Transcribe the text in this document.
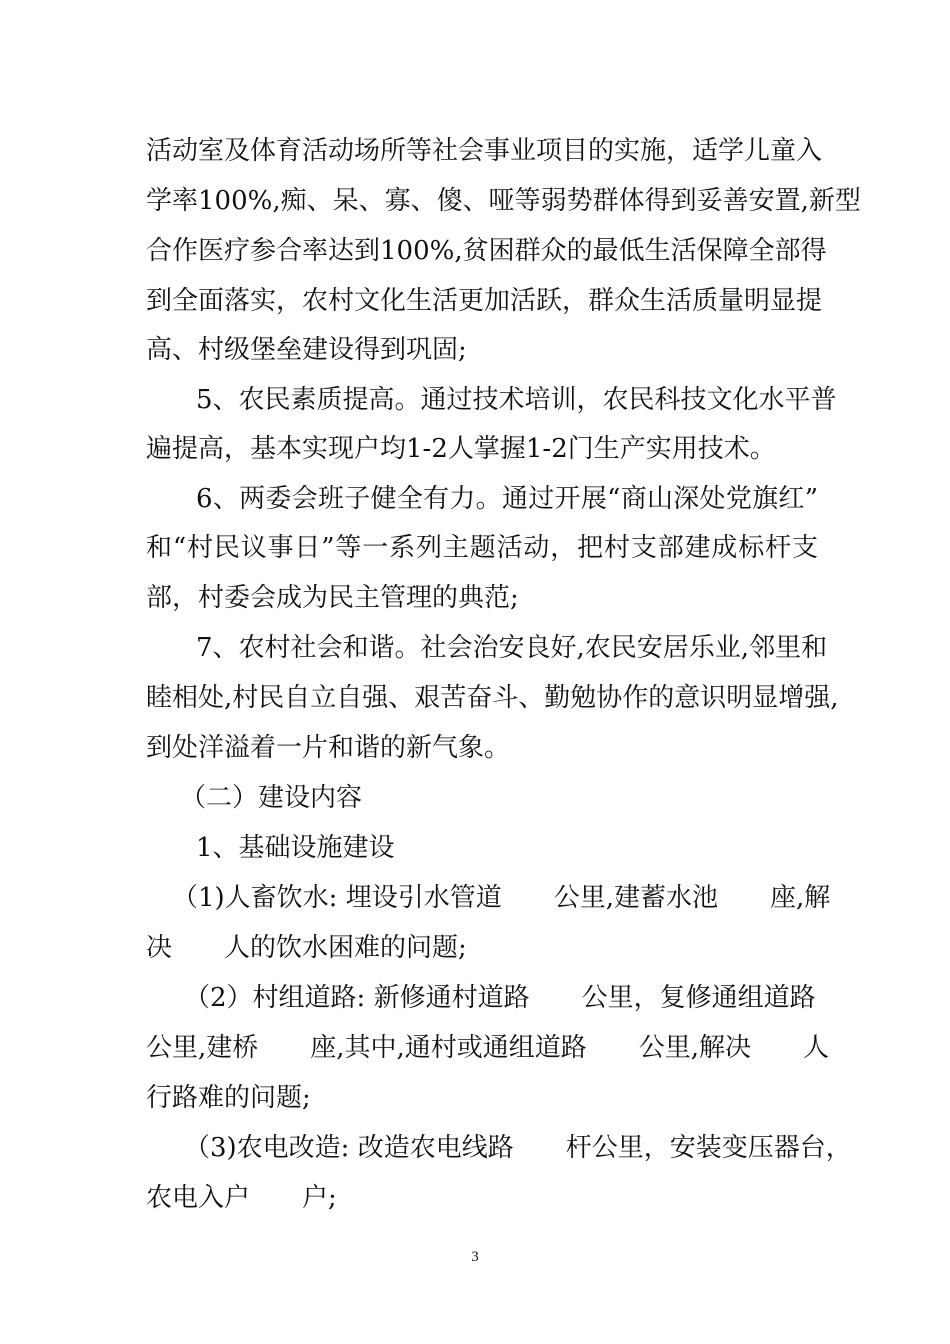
活动室及体育活动场所等社会事业项目的实施，适学儿童入
学率100%,痴、呆、寡、傻、哑等弱势群体得到妥善安置,新型
合作医疗参合率达到100%,贫困群众的最低生活保障全部得
到全面落实，农村文化生活更加活跃，群众生活质量明显提
高、村级堡垒建设得到巩固;
5、农民素质提高。通过技术培训，农民科技文化水平普
遍提高，基本实现户均1-2人掌握1-2门生产实用技术。
6、两委会班子健全有力。通过开展“商山深处党旗红”
和“村民议事日”等一系列主题活动，把村支部建成标杆支
部，村委会成为民主管理的典范;
7、农村社会和谐。社会治安良好,农民安居乐业,邻里和
睦相处,村民自立自强、艰苦奋斗、勤勉协作的意识明显增强,
到处洋溢着一片和谐的新气象。
（二）建设内容
1、基础设施建设
（1)人畜饮水: 埋设引水管道　　公里,建蓄水池　　座,解
决　　人的饮水困难的问题;
（2）村组道路: 新修通村道路　　公里，复修通组道路
公里,建桥　　座,其中,通村或通组道路　　公里,解决　　人
行路难的问题;
（3)农电改造: 改造农电线路　　杆公里，安装变压器台，
农电入户　　户;
3
